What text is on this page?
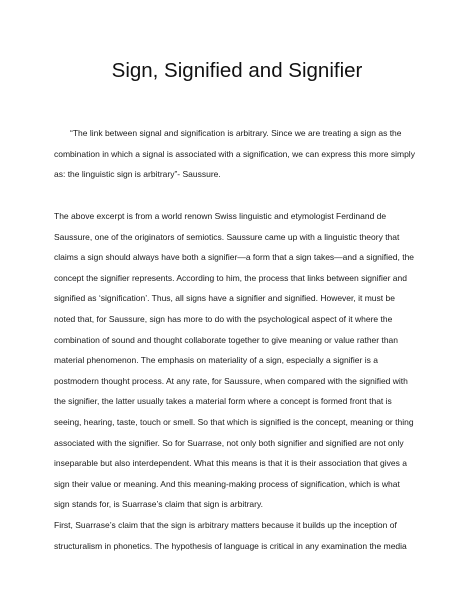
Sign, Signified and Signifier

“The link between signal and signification is arbitrary. Since we are treating a sign as the
combination in which a signal is associated with a signification, we can express this more simply
as: the linguistic sign is arbitrary”- Saussure.

The above excerpt is from a world renown Swiss linguistic and etymologist Ferdinand de
Saussure, one of the originators of semiotics. Saussure came up with a linguistic theory that
claims a sign should always have both a signifier—a form that a sign takes—and a signified, the
concept the signifier represents. According to him, the process that links between signifier and
signified as ‘signification’. Thus, all signs have a signifier and signified. However, it must be
noted that, for Saussure, sign has more to do with the psychological aspect of it where the
combination of sound and thought collaborate together to give meaning or value rather than
material phenomenon. The emphasis on materiality of a sign, especially a signifier is a
postmodern thought process. At any rate, for Saussure, when compared with the signified with
the signifier, the latter usually takes a material form where a concept is formed front that is
seeing, hearing, taste, touch or smell. So that which is signified is the concept, meaning or thing
associated with the signifier. So for Suarrase, not only both signifier and signified are not only
inseparable but also interdependent. What this means is that it is their association that gives a
sign their value or meaning. And this meaning-making process of signification, which is what
sign stands for, is Suarrase’s claim that sign is arbitrary.

First, Suarrase’s claim that the sign is arbitrary matters because it builds up the inception of
structuralism in phonetics. The hypothesis of language is critical in any examination the media
